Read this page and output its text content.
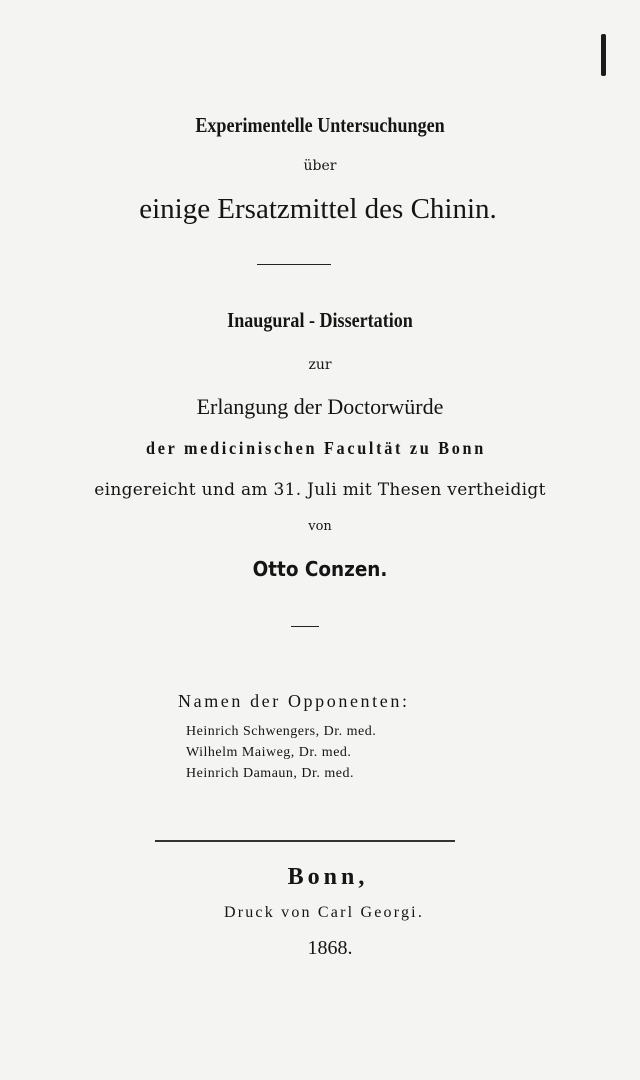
Experimentelle Untersuchungen
über
einige Ersatzmittel des Chinin.
Inaugural - Dissertation
zur
Erlangung der Doctorwürde
der medicinischen Facultät zu Bonn
eingereicht und am 31. Juli mit Thesen vertheidigt
von
Otto Conzen.
Namen der Opponenten:
Heinrich Schwengers, Dr. med.
Wilhelm Maiweg, Dr. med.
Heinrich Damaun, Dr. med.
Bonn,
Druck von Carl Georgi.
1868.
